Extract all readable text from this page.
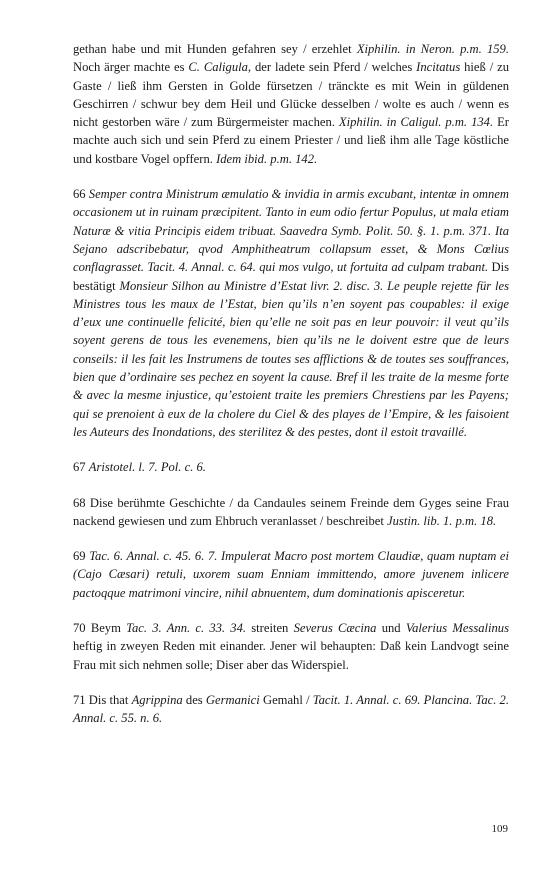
gethan habe und mit Hunden gefahren sey / erzehlet Xiphilin. in Neron. p.m. 159. Noch ärger machte es C. Caligula, der ladete sein Pferd / welches Incitatus hieß / zu Gaste / ließ ihm Gersten in Golde fürsetzen / tränckte es mit Wein in güldenen Geschirren / schwur bey dem Heil und Glücke desselben / wolte es auch / wenn es nicht gestorben wäre / zum Bürgermeister machen. Xiphilin. in Caligul. p.m. 134. Er machte auch sich und sein Pferd zu einem Priester / und ließ ihm alle Tage köstliche und kostbare Vogel opffern. Idem ibid. p.m. 142.

66 Semper contra Ministrum æmulatio & invidia in armis excubant, intentæ in omnem occasionem ut in ruinam præcipitent. Tanto in eum odio fertur Populus, ut mala etiam Naturæ & vitia Principis eidem tribuat. Saavedra Symb. Polit. 50. §. 1. p.m. 371. Ita Sejano adscribebatur, qvod Amphitheatrum collapsum esset, & Mons Cœlius conflagrasset. Tacit. 4. Annal. c. 64. qui mos vulgo, ut fortuita ad culpam trabant. Dis bestätigt Monsieur Silhon au Ministre d’Estat livr. 2. disc. 3. Le peuple rejette für les Ministres tous les maux de l’Estat, bien qu’ils n’en soyent pas coupables: il exige d’eux une continuelle felicité, bien qu’elle ne soit pas en leur pouvoir: il veut qu’ils soyent gerens de tous les evenemens, bien qu’ils ne le doivent estre que de leurs conseils: il les fait les Instrumens de toutes ses afflictions & de toutes ses souffrances, bien que d’ordinaire ses pechez en soyent la cause. Bref il les traite de la mesme forte & avec la mesme injustice, qu’estoient traite les premiers Chrestiens par les Payens; qui se prenoient à eux de la cholere du Ciel & des playes de l’Empire, & les faisoient les Auteurs des Inondations, des sterilitez & des pestes, dont il estoit travaillé.

67 Aristotel. l. 7. Pol. c. 6.

68 Dise berühmte Geschichte / da Candaules seinem Freinde dem Gyges seine Frau nackend gewiesen und zum Ehbruch veranlasset / beschreibet Justin. lib. 1. p.m. 18.

69 Tac. 6. Annal. c. 45. 6. 7. Impulerat Macro post mortem Claudiæ, quam nuptam ei (Cajo Cæsari) retuli, uxorem suam Enniam immittendo, amore juvenem inlicere pactoqque matrimoni vincire, nihil abnuentem, dum dominationis apisceretur.

70 Beym Tac. 3. Ann. c. 33. 34. streiten Severus Cæcina und Valerius Messalinus heftig in zweyen Reden mit einander. Jener wil behaupten: Daß kein Landvogt seine Frau mit sich nehmen solle; Diser aber das Widerspiel.

71 Dis that Agrippina des Germanici Gemahl / Tacit. 1. Annal. c. 69. Plancina. Tac. 2. Annal. c. 55. n. 6.

109
